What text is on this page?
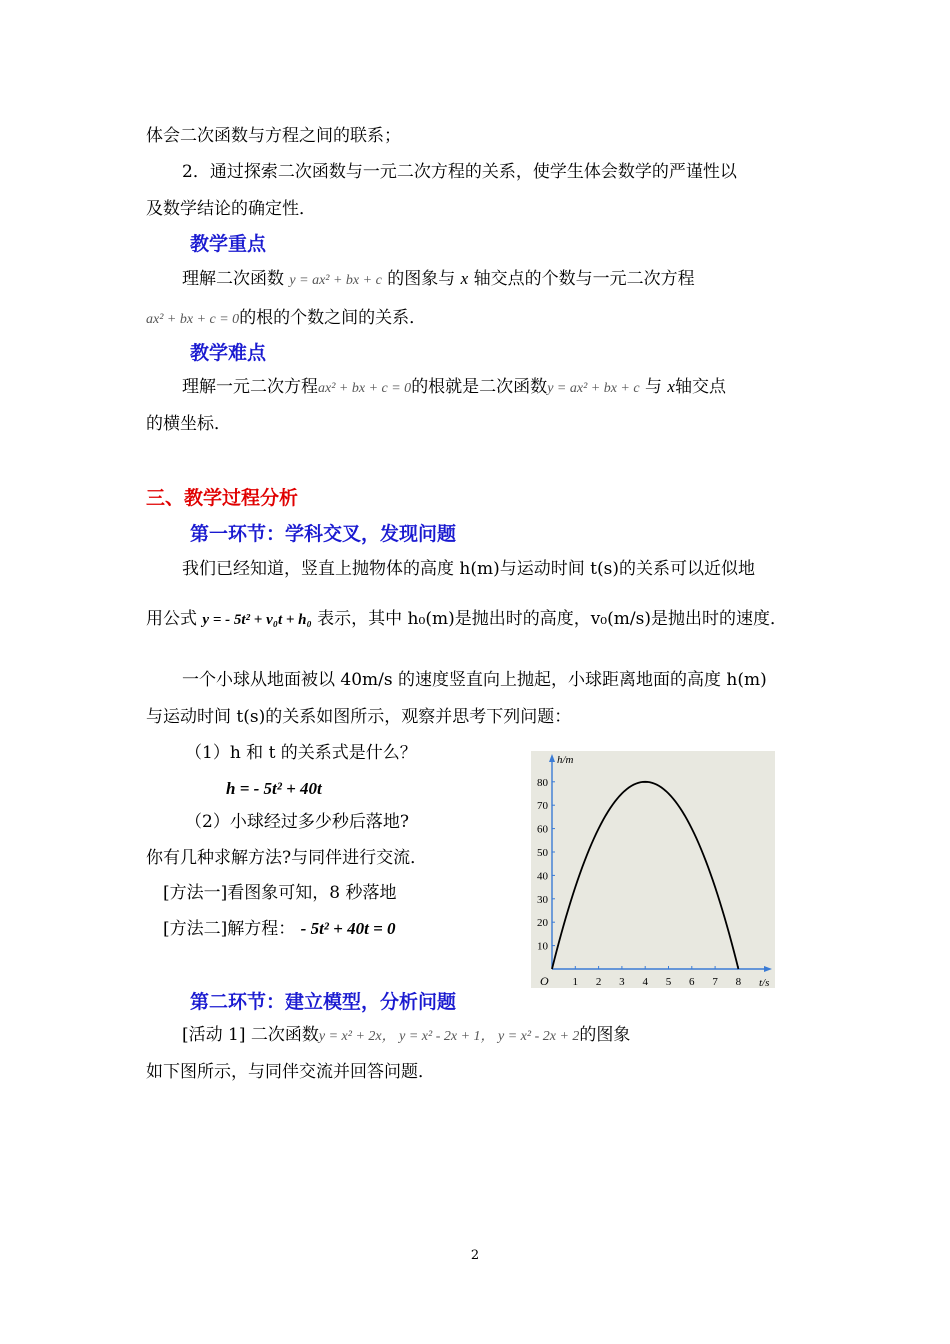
体会二次函数与方程之间的联系；
2．通过探索二次函数与一元二次方程的关系，使学生体会数学的严谨性以
及数学结论的确定性．
教学重点
理解二次函数 y = ax² + bx + c 的图象与 x 轴交点的个数与一元二次方程
ax² + bx + c = 0的根的个数之间的关系．
教学难点
理解一元二次方程ax² + bx + c = 0的根就是二次函数y = ax² + bx + c 与 x轴交点
的横坐标．
三、教学过程分析
第一环节：学科交叉，发现问题
我们已经知道，竖直上抛物体的高度 h(m)与运动时间 t(s)的关系可以近似地
用公式 y = - 5t² + v₀t + h₀ 表示，其中 h₀(m)是抛出时的高度，v₀(m/s)是抛出时的速度．
一个小球从地面被以 40m/s 的速度竖直向上抛起，小球距离地面的高度 h(m)
与运动时间 t(s)的关系如图所示，观察并思考下列问题：
（1）h 和 t 的关系式是什么？
h = - 5t² + 40t
（2）小球经过多少秒后落地?
你有几种求解方法?与同伴进行交流．
[方法一]看图象可知，8 秒落地
[方法二]解方程： - 5t² + 40t = 0
1 2 3 4 5 6 7 8
10
20
30
40
50
60
70
80
O	t/s
h/m
第二环节：建立模型，分析问题
[活动 1] 二次函数y = x² + 2x， y = x² - 2x + 1， y = x² - 2x + 2的图象
如下图所示，与同伴交流并回答问题．
2
